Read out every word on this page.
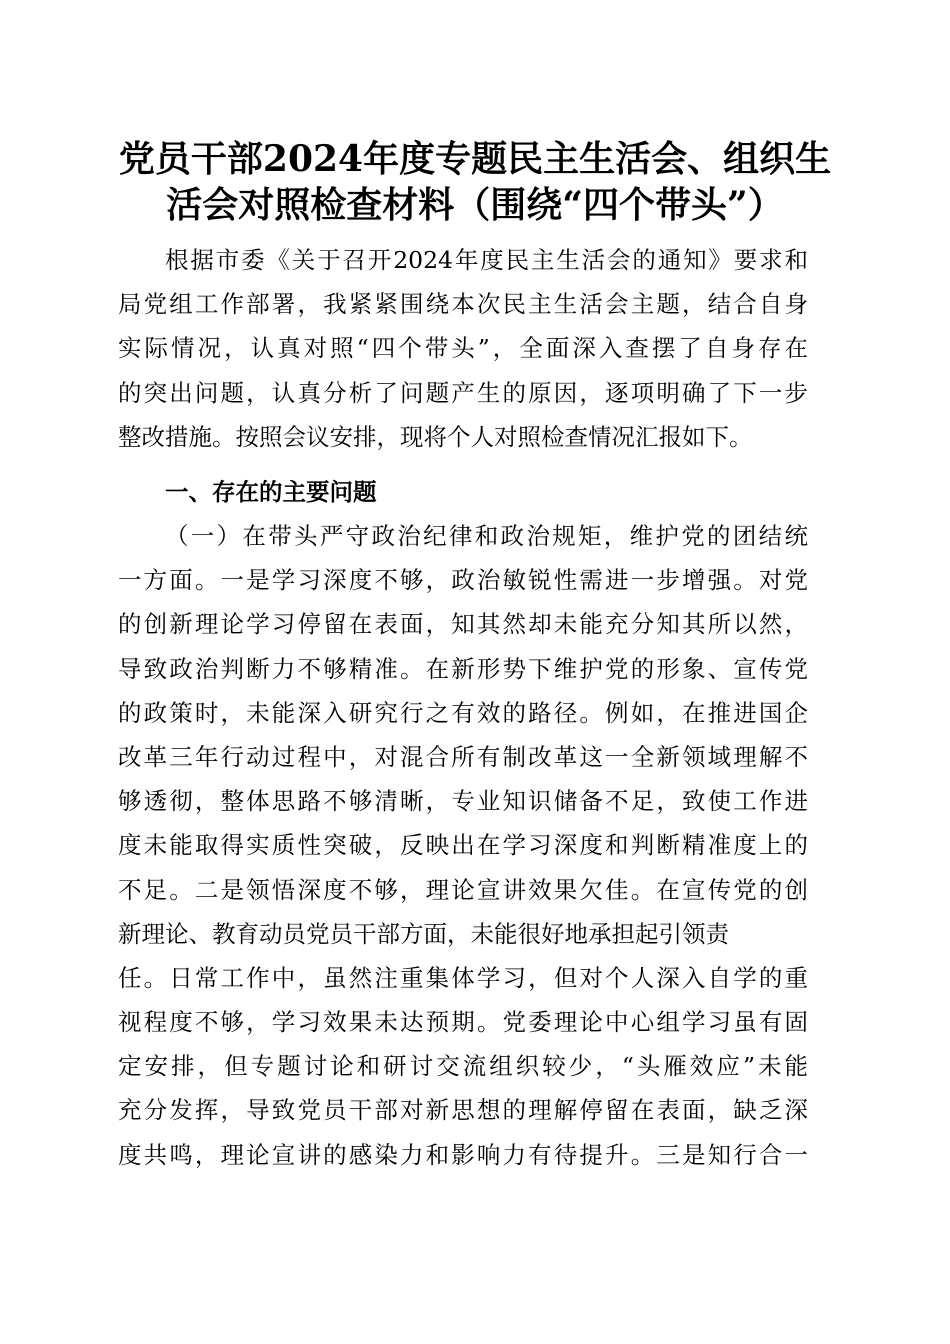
党员干部2024年度专题民主生活会、组织生
活会对照检查材料（围绕“四个带头”）
根据市委《关于召开2024年度民主生活会的通知》要求和
局党组工作部署，我紧紧围绕本次民主生活会主题，结合自身
实际情况，认真对照“四个带头”，全面深入查摆了自身存在
的突出问题，认真分析了问题产生的原因，逐项明确了下一步
整改措施。按照会议安排，现将个人对照检查情况汇报如下。
一、存在的主要问题
（一）在带头严守政治纪律和政治规矩，维护党的团结统
一方面。一是学习深度不够，政治敏锐性需进一步增强。对党
的创新理论学习停留在表面，知其然却未能充分知其所以然，
导致政治判断力不够精准。在新形势下维护党的形象、宣传党
的政策时，未能深入研究行之有效的路径。例如，在推进国企
改革三年行动过程中，对混合所有制改革这一全新领域理解不
够透彻，整体思路不够清晰，专业知识储备不足，致使工作进
度未能取得实质性突破，反映出在学习深度和判断精准度上的
不足。二是领悟深度不够，理论宣讲效果欠佳。在宣传党的创
新理论、教育动员党员干部方面，未能很好地承担起引领责
任。日常工作中，虽然注重集体学习，但对个人深入自学的重
视程度不够，学习效果未达预期。党委理论中心组学习虽有固
定安排，但专题讨论和研讨交流组织较少，“头雁效应”未能
充分发挥，导致党员干部对新思想的理解停留在表面，缺乏深
度共鸣，理论宣讲的感染力和影响力有待提升。三是知行合一
